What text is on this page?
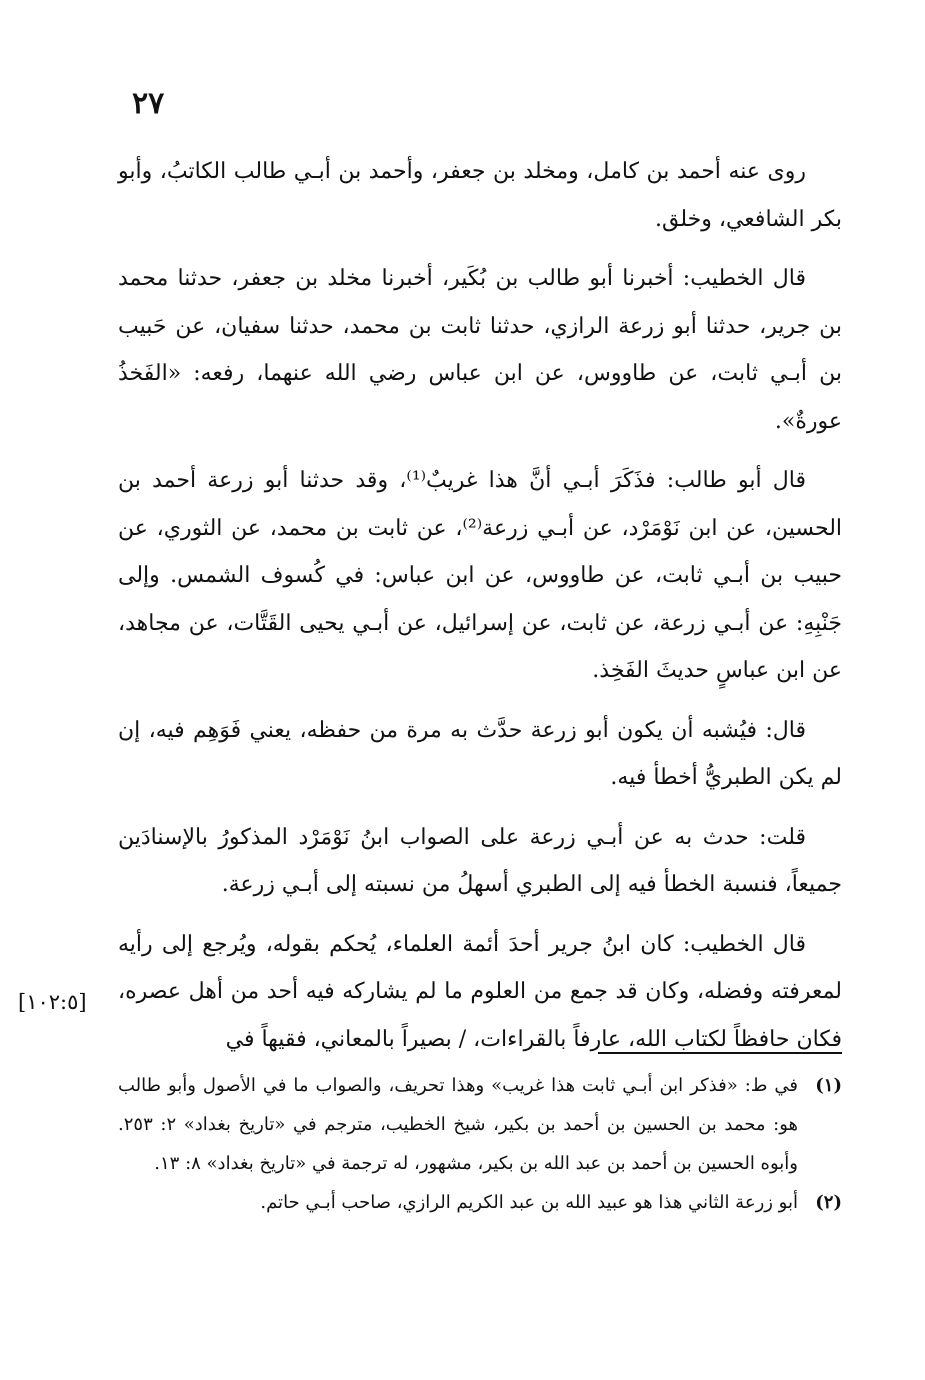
٢٧

روى عنه أحمد بن كامل، ومخلد بن جعفر، وأحمد بن أبـي طالب الكاتبُ، وأبو بكر الشافعي، وخلق.

قال الخطيب: أخبرنا أبو طالب بن بُكَير، أخبرنا مخلد بن جعفر، حدثنا محمد بن جرير، حدثنا أبو زرعة الرازي، حدثنا ثابت بن محمد، حدثنا سفيان، عن حَبيب بن أبـي ثابت، عن طاووس، عن ابن عباس رضي الله عنهما، رفعه: «الفَخذُ عورةٌ».

قال أبو طالب: فذَكَرَ أبـي أنَّ هذا غريبٌ⁽¹⁾، وقد حدثنا أبو زرعة أحمد بن الحسين، عن ابن نَوْمَرْد، عن أبـي زرعة⁽²⁾، عن ثابت بن محمد، عن الثوري، عن حبيب بن أبـي ثابت، عن طاووس، عن ابن عباس: في كُسوف الشمس. وإلى جَنْبِهِ: عن أبـي زرعة، عن ثابت، عن إسرائيل، عن أبـي يحيى القَتَّات، عن مجاهد، عن ابن عباسٍ حديثَ الفَخِذ.

قال: فيُشبه أن يكون أبو زرعة حدَّث به مرة من حفظه، يعني فَوَهِم فيه، إن لم يكن الطبريُّ أخطأ فيه.

قلت: حدث به عن أبـي زرعة على الصواب ابنُ نَوْمَرْد المذكورُ بالإسنادَين جميعاً، فنسبة الخطأ فيه إلى الطبري أسهلُ من نسبته إلى أبـي زرعة.

قال الخطيب: كان ابنُ جرير أحدَ أئمة العلماء، يُحكم بقوله، ويُرجع إلى رأيه لمعرفته وفضله، وكان قد جمع من العلوم ما لم يشاركه فيه أحد من أهل عصره، فكان حافظاً لكتاب الله، عارفاً بالقراءات، / بصيراً بالمعاني، فقيهاً في

[١٠٢:٥]
(١)
في ط: «فذكر ابن أبـي ثابت هذا غريب» وهذا تحريف، والصواب ما في الأصول وأبو طالب هو: محمد بن الحسين بن أحمد بن بكير، شيخ الخطيب، مترجم في «تاريخ بغداد» ٢: ٢٥٣. وأبوه الحسين بن أحمد بن عبد الله بن بكير، مشهور، له ترجمة في «تاريخ بغداد» ٨: ١٣.
(٢)
أبو زرعة الثاني هذا هو عبيد الله بن عبد الكريم الرازي، صاحب أبـي حاتم.
